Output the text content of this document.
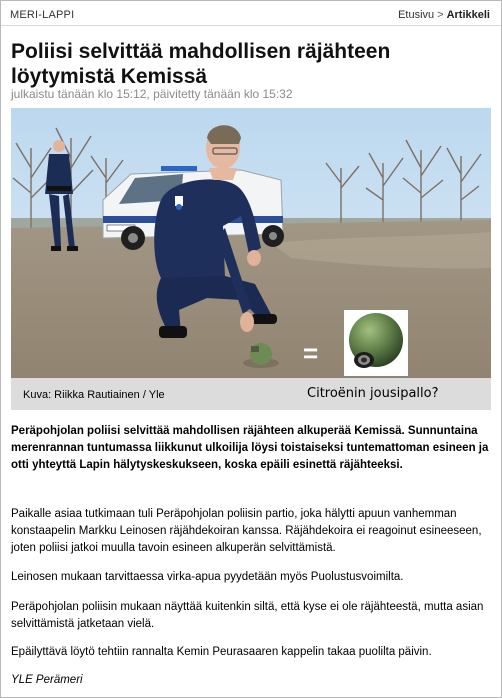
MERI-LAPPI	Etusivu > Artikkeli
Poliisi selvittää mahdollisen räjähteen löytymistä Kemissä
julkaistu tänään klo 15:12, päivitetty tänään klo 15:32
=
Kuva: Riikka Rautiainen / Yle	Citroënin jousipallo?

Peräpohjolan poliisi selvittää mahdollisen räjähteen alkuperää Kemissä. Sunnuntaina merenrannan tuntumassa liikkunut ulkoilija löysi toistaiseksi tuntemattoman esineen ja otti yhteyttä Lapin hälytyskeskukseen, koska epäili esinettä räjähteeksi.

Paikalle asiaa tutkimaan tuli Peräpohjolan poliisin partio, joka hälytti apuun vanhemman konstaapelin Markku Leinosen räjähdekoiran kanssa. Räjähdekoira ei reagoinut esineeseen, joten poliisi jatkoi muulla tavoin esineen alkuperän selvittämistä.

Leinosen mukaan tarvittaessa virka-apua pyydetään myös Puolustusvoimilta.

Peräpohjolan poliisin mukaan näyttää kuitenkin siltä, että kyse ei ole räjähteestä, mutta asian selvittämistä jatketaan vielä.

Epäilyttävä löytö tehtiin rannalta Kemin Peurasaaren kappelin takaa puolilta päivin.

YLE Perämeri
